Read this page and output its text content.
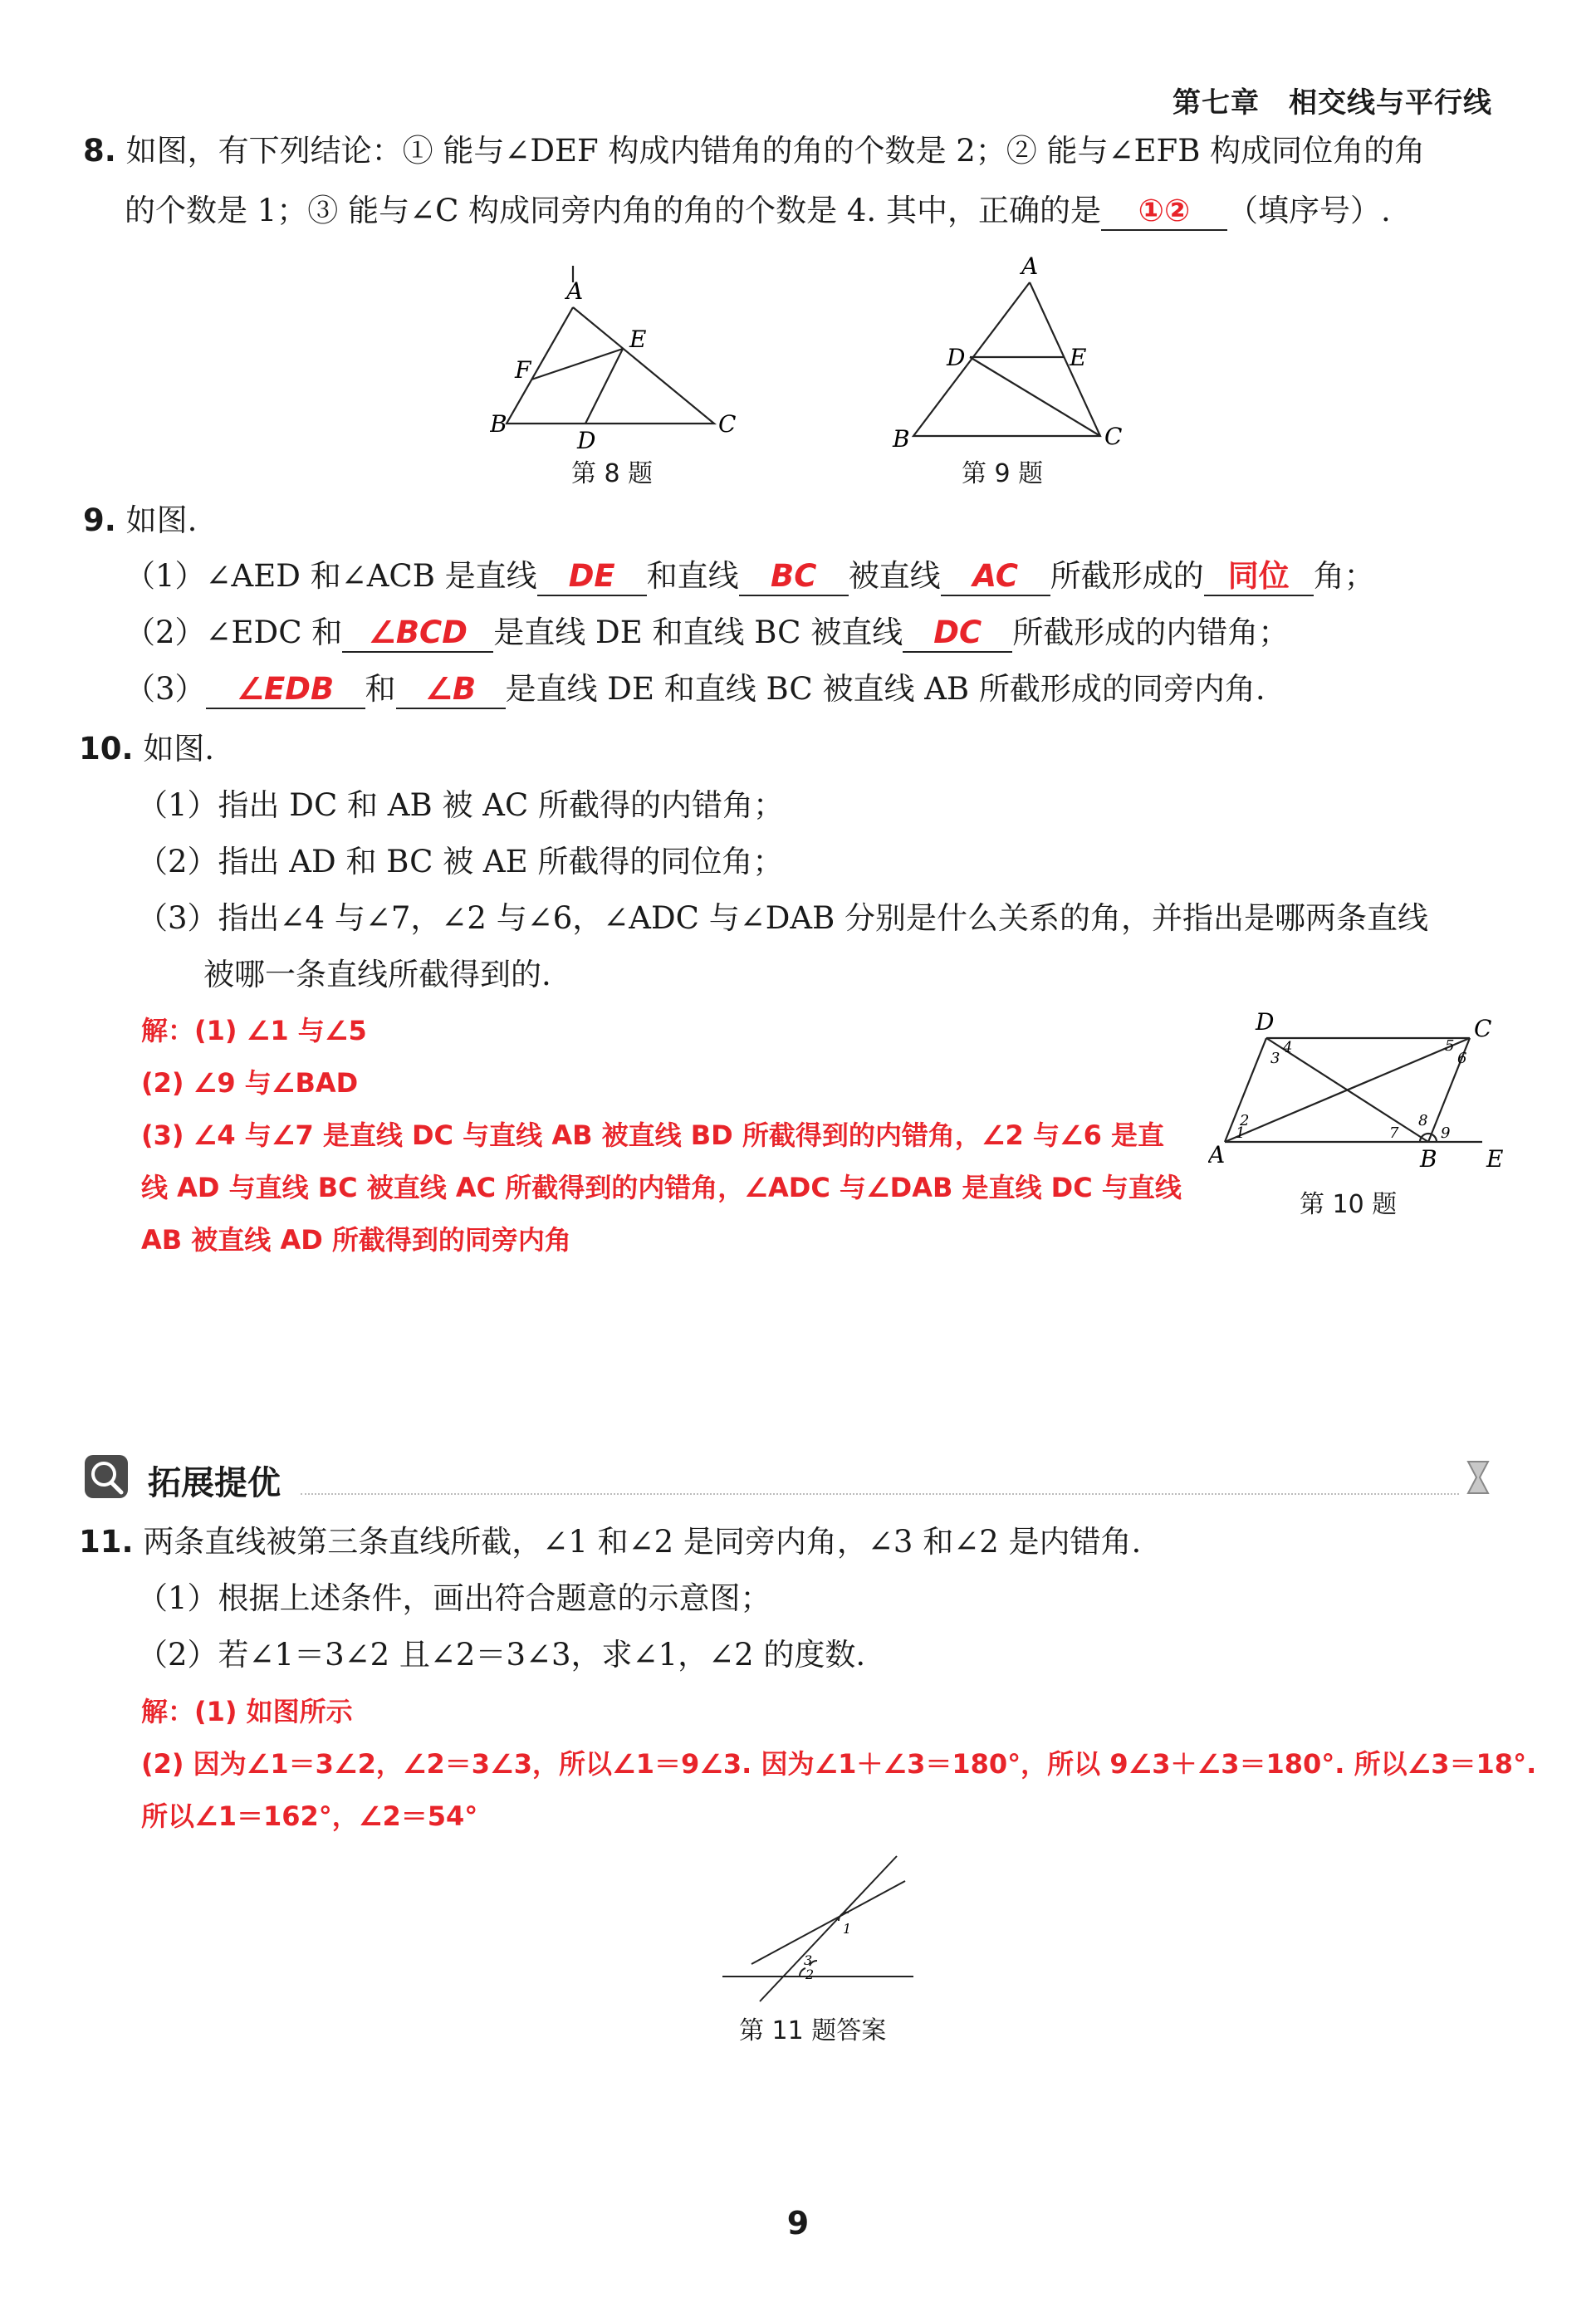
第七章　相交线与平行线
8. 如图，有下列结论：① 能与∠DEF 构成内错角的角的个数是 2；② 能与∠EFB 构成同位角的角
的个数是 1；③ 能与∠C 构成同旁内角的角的个数是 4. 其中，正确的是 ①② （填序号）.
A
E
F
B
D
C
第 8 题
A
D	E
B	C
第 9 题
9. 如图.
（1）∠AED 和∠ACB 是直线 DE 和直线 BC 被直线 AC 所截形成的 同位 角；
（2）∠EDC 和 ∠BCD 是直线 DE 和直线 BC 被直线 DC 所截形成的内错角；
（3） ∠EDB 和 ∠B 是直线 DE 和直线 BC 被直线 AB 所截形成的同旁内角.
10. 如图.
（1）指出 DC 和 AB 被 AC 所截得的内错角；
（2）指出 AD 和 BC 被 AE 所截得的同位角；
（3）指出∠4 与∠7，∠2 与∠6，∠ADC 与∠DAB 分别是什么关系的角，并指出是哪两条直线
被哪一条直线所截得到的.
解：(1) ∠1 与∠5
(2) ∠9 与∠BAD
(3) ∠4 与∠7 是直线 DC 与直线 AB 被直线 BD 所截得到的内错角，∠2 与∠6 是直
线 AD 与直线 BC 被直线 AC 所截得到的内错角，∠ADC 与∠DAB 是直线 DC 与直线
AB 被直线 AD 所截得到的同旁内角
D	C
A	B E
1
2
3
4	5
6
7
8
9
第 10 题
拓展提优
11. 两条直线被第三条直线所截，∠1 和∠2 是同旁内角，∠3 和∠2 是内错角.
（1）根据上述条件，画出符合题意的示意图；
（2）若∠1＝3∠2 且∠2＝3∠3，求∠1，∠2 的度数.
解：(1) 如图所示
(2) 因为∠1＝3∠2，∠2＝3∠3，所以∠1＝9∠3. 因为∠1＋∠3＝180°，所以 9∠3＋∠3＝180°. 所以∠3＝18°.
所以∠1＝162°，∠2＝54°
1
3
2
第 11 题答案
9
